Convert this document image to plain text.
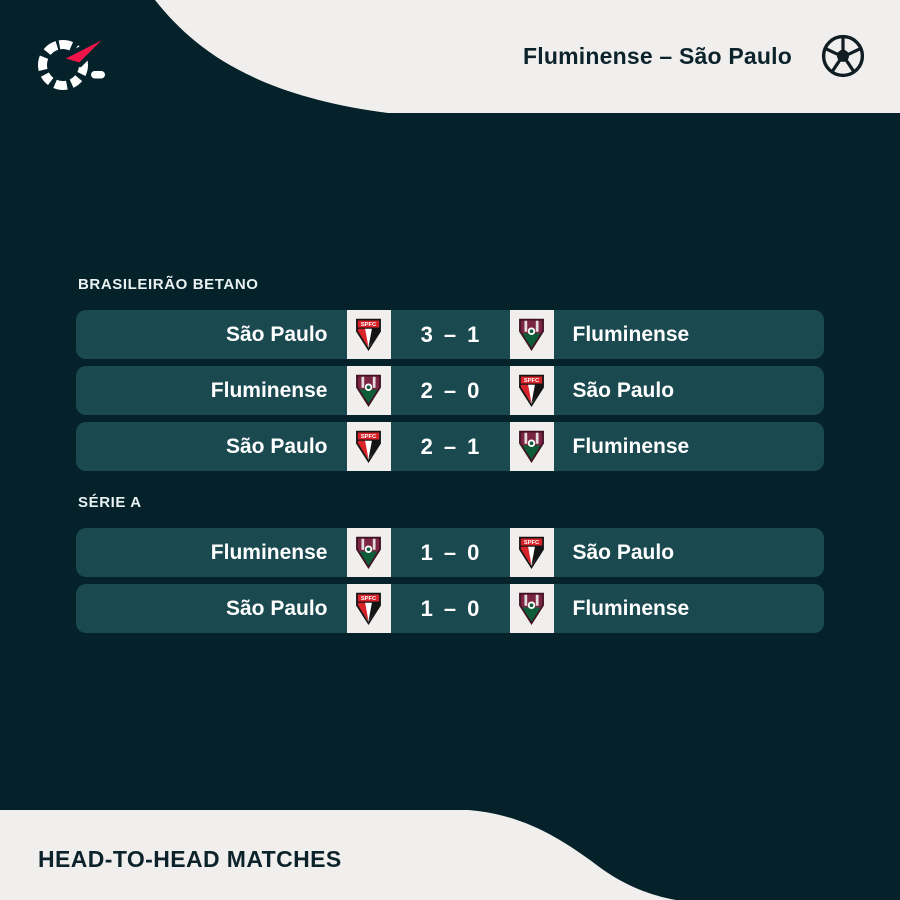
Fluminense – São Paulo
BRASILEIRÃO BETANO
São Paulo	SPFC 3 – 1	Fluminense
Fluminense	2 – 0	SPFC	São Paulo
São Paulo	SPFC 2 – 1	Fluminense
SÉRIE A
Fluminense	1 – 0	SPFC	São Paulo
São Paulo	SPFC 1 – 0	Fluminense
HEAD-TO-HEAD MATCHES
